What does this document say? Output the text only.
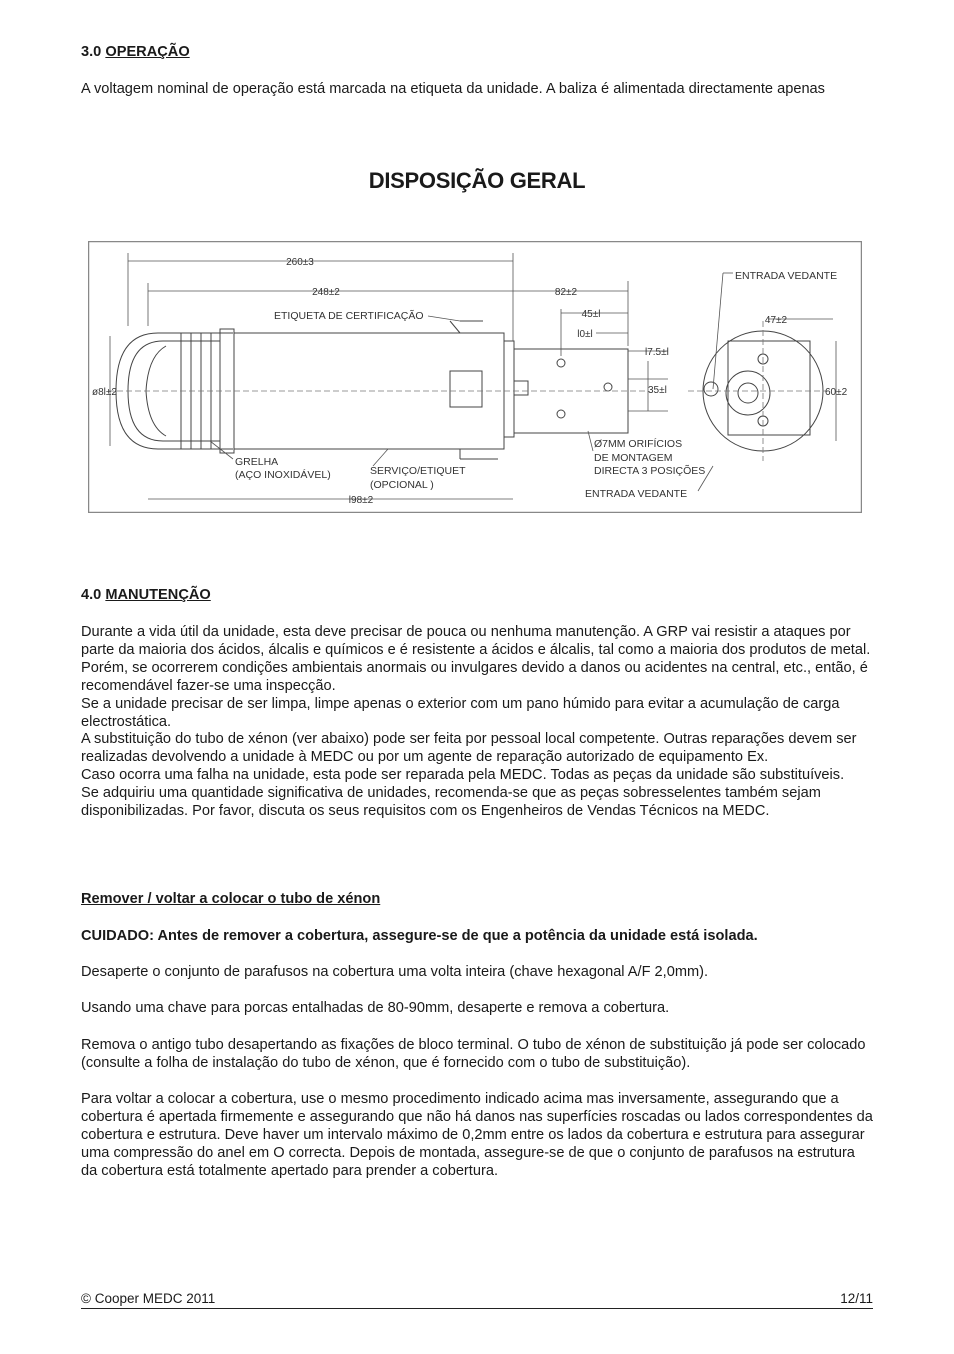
3.0 OPERAÇÃO
A voltagem nominal de operação está marcada na etiqueta da unidade. A baliza é alimentada directamente apenas
DISPOSIÇÃO GERAL
260±3
248±2	82±2
45±l
l0±l
l7.5±l
35±l
ø8l±2
l98±2
47±2
60±2
ENTRADA VEDANTE
ETIQUETA DE CERTIFICAÇÃO
GRELHA
(AÇO INOXIDÁVEL)	SERVIÇO/ETIQUET
(OPCIONAL )
Ø7MM ORIFÍCIOS
DE MONTAGEM
DIRECTA 3 POSIÇÕES
ENTRADA VEDANTE
4.0 MANUTENÇÃO

Durante a vida útil da unidade, esta deve precisar de pouca ou nenhuma manutenção. A GRP vai resistir a ataques por parte da maioria dos ácidos, álcalis e químicos e é resistente a ácidos e álcalis, tal como a maioria dos produtos de metal.

Porém, se ocorrerem condições ambientais anormais ou invulgares devido a danos ou acidentes na central, etc., então, é recomendável fazer-se uma inspecção.

Se a unidade precisar de ser limpa, limpe apenas o exterior com um pano húmido para evitar a acumulação de carga electrostática.

A substituição do tubo de xénon (ver abaixo) pode ser feita por pessoal local competente. Outras reparações devem ser realizadas devolvendo a unidade à MEDC ou por um agente de reparação autorizado de equipamento Ex.

Caso ocorra uma falha na unidade, esta pode ser reparada pela MEDC. Todas as peças da unidade são substituíveis.

Se adquiriu uma quantidade significativa de unidades, recomenda-se que as peças sobresselentes também sejam disponibilizadas. Por favor, discuta os seus requisitos com os Engenheiros de Vendas Técnicos na MEDC.

Remover / voltar a colocar o tubo de xénon
CUIDADO: Antes de remover a cobertura, assegure-se de que a potência da unidade está isolada.
Desaperte o conjunto de parafusos na cobertura uma volta inteira (chave hexagonal A/F 2,0mm).
Usando uma chave para porcas entalhadas de 80-90mm, desaperte e remova a cobertura.
Remova o antigo tubo desapertando as fixações de bloco terminal. O tubo de xénon de substituição já pode ser colocado (consulte a folha de instalação do tubo de xénon, que é fornecido com o tubo de substituição).
Para voltar a colocar a cobertura, use o mesmo procedimento indicado acima mas inversamente, assegurando que a cobertura é apertada firmemente e assegurando que não há danos nas superfícies roscadas ou lados correspondentes da cobertura e estrutura. Deve haver um intervalo máximo de 0,2mm entre os lados da cobertura e estrutura para assegurar uma compressão do anel em O correcta. Depois de montada, assegure-se de que o conjunto de parafusos na estrutura da cobertura está totalmente apertado para prender a cobertura.
© Cooper MEDC 2011	12/11
